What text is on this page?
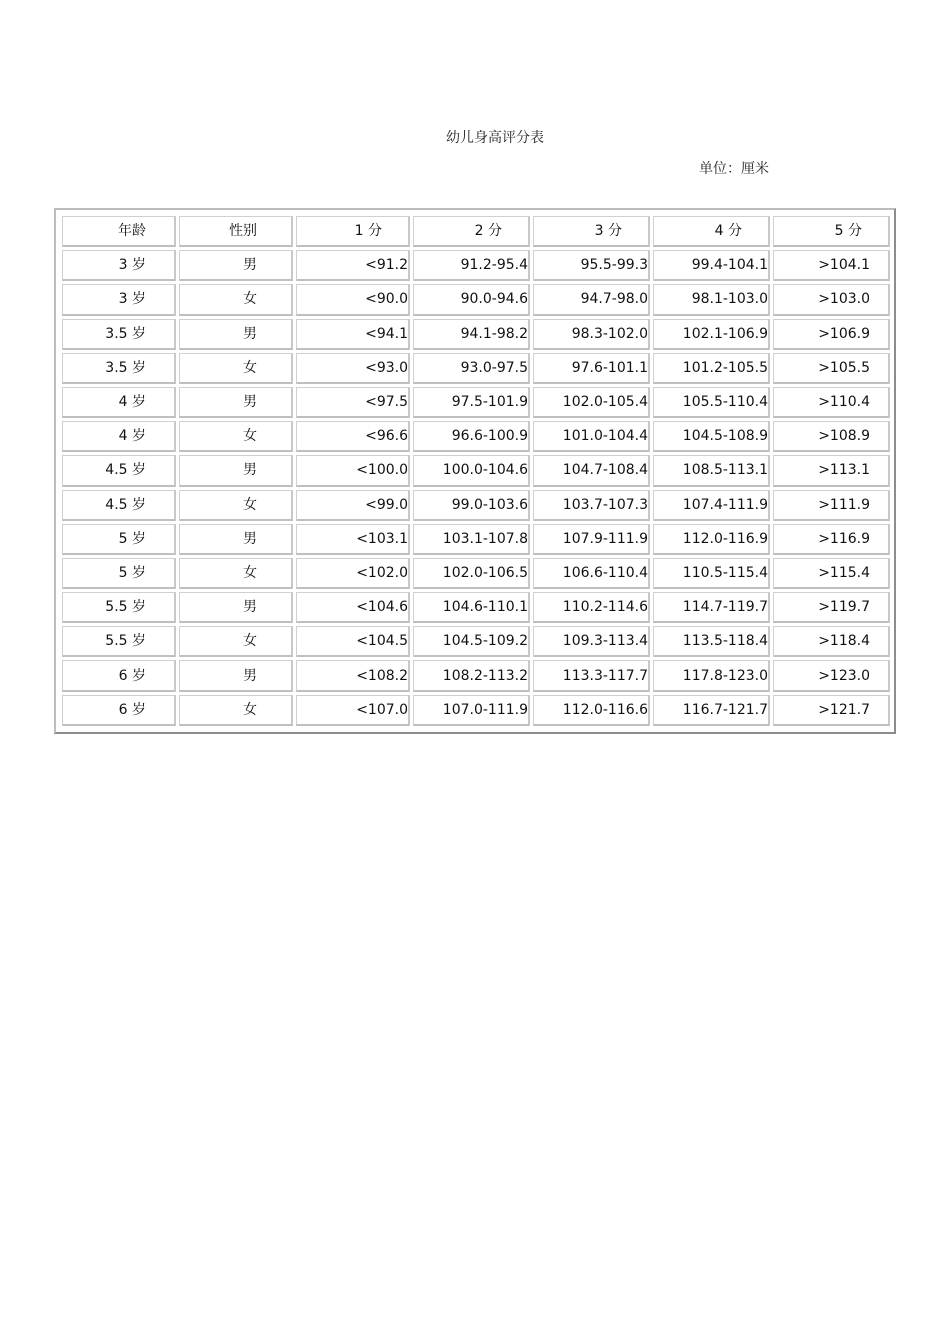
幼儿身高评分表
单位：厘米
年龄	性别	1 分	2 分	3 分	4 分	5 分
3 岁	男	<91.2	91.2-95.4	95.5-99.3	99.4-104.1	>104.1
3 岁	女	<90.0	90.0-94.6	94.7-98.0	98.1-103.0	>103.0
3.5 岁	男	<94.1	94.1-98.2	98.3-102.0	102.1-106.9	>106.9
3.5 岁	女	<93.0	93.0-97.5	97.6-101.1	101.2-105.5	>105.5
4 岁	男	<97.5	97.5-101.9	102.0-105.4	105.5-110.4	>110.4
4 岁	女	<96.6	96.6-100.9	101.0-104.4	104.5-108.9	>108.9
4.5 岁	男	<100.0	100.0-104.6	104.7-108.4	108.5-113.1	>113.1
4.5 岁	女	<99.0	99.0-103.6	103.7-107.3	107.4-111.9	>111.9
5 岁	男	<103.1	103.1-107.8	107.9-111.9	112.0-116.9	>116.9
5 岁	女	<102.0	102.0-106.5	106.6-110.4	110.5-115.4	>115.4
5.5 岁	男	<104.6	104.6-110.1	110.2-114.6	114.7-119.7	>119.7
5.5 岁	女	<104.5	104.5-109.2	109.3-113.4	113.5-118.4	>118.4
6 岁	男	<108.2	108.2-113.2	113.3-117.7	117.8-123.0	>123.0
6 岁	女	<107.0	107.0-111.9	112.0-116.6	116.7-121.7	>121.7
